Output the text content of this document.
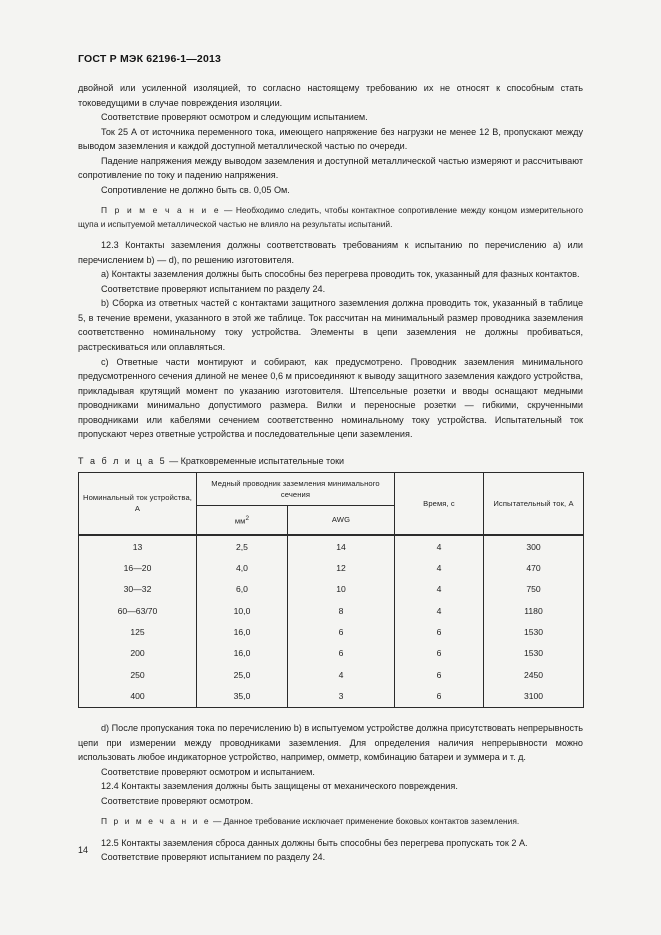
ГОСТ Р МЭК 62196-1—2013

двойной или усиленной изоляцией, то согласно настоящему требованию их не относят к способным стать токоведущими в случае повреждения изоляции.

Соответствие проверяют осмотром и следующим испытанием.

Ток 25 А от источника переменного тока, имеющего напряжение без нагрузки не менее 12 В, пропускают между выводом заземления и каждой доступной металлической частью по очереди.

Падение напряжения между выводом заземления и доступной металлической частью измеряют и рассчитывают сопротивление по току и падению напряжения.

Сопротивление не должно быть св. 0,05 Ом.

П р и м е ч а н и е — Необходимо следить, чтобы контактное сопротивление между концом измерительного щупа и испытуемой металлической частью не влияло на результаты испытаний.

12.3 Контакты заземления должны соответствовать требованиям к испытанию по перечислению a) или перечислением b) — d), по решению изготовителя.

a) Контакты заземления должны быть способны без перегрева проводить ток, указанный для фазных контактов.

Соответствие проверяют испытанием по разделу 24.

b) Сборка из ответных частей с контактами защитного заземления должна проводить ток, указанный в таблице 5, в течение времени, указанного в этой же таблице. Ток рассчитан на минимальный размер проводника заземления соответственно номинальному току устройства. Элементы в цепи заземления не должны пробиваться, растрескиваться или оплавляться.

c) Ответные части монтируют и собирают, как предусмотрено. Проводник заземления минимального предусмотренного сечения длиной не менее 0,6 м присоединяют к выводу защитного заземления каждого устройства, прикладывая крутящий момент по указанию изготовителя. Штепсельные розетки и вводы оснащают медными проводниками минимально допустимого размера. Вилки и переносные розетки — гибкими, скрученными проводниками или кабелями сечением соответственно номинальному току устройства. Испытательный ток пропускают через ответные устройства и последовательные цепи заземления.

Т а б л и ц а 5 — Кратковременные испытательные токи
Номинальный ток устройства, А	Медный проводник заземления минимального сечения		Время, с	Испытательный ток, А
	$мм^2$	AWG		
13	2,5	14	4	300
16—20	4,0	12	4	470
30—32	6,0	10	4	750
60—63/70	10,0	8	4	1180
125	16,0	6	6	1530
200	16,0	6	6	1530
250	25,0	4	6	2450
400	35,0	3	6	3100

d) После пропускания тока по перечислению b) в испытуемом устройстве должна присутствовать непрерывность цепи при измерении между проводниками заземления. Для определения наличия непрерывности можно использовать любое индикаторное устройство, например, омметр, комбинацию батареи и зуммера и т. д.

Соответствие проверяют осмотром и испытанием.

12.4 Контакты заземления должны быть защищены от механического повреждения.

Соответствие проверяют осмотром.

П р и м е ч а н и е — Данное требование исключает применение боковых контактов заземления.

12.5 Контакты заземления сброса данных должны быть способны без перегрева пропускать ток 2 А.

Соответствие проверяют испытанием по разделу 24.

14
